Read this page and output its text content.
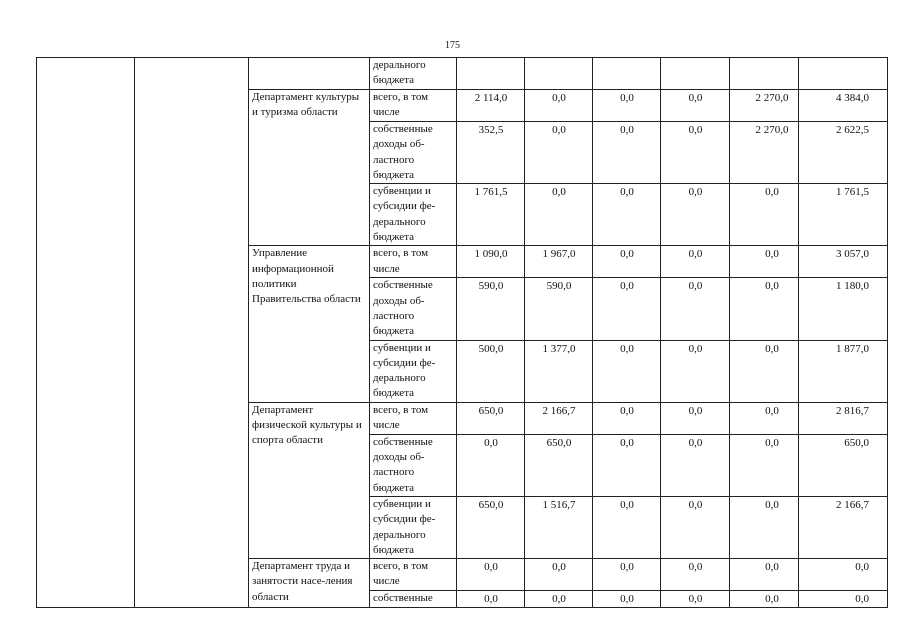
175
			дерального бюджета						
		Департамент культуры и туризма области	всего, в том числе	2 114,0	0,0	0,0	0,0	2 270,0	4 384,0
			собственные доходы об-ластного бюджета	352,5	0,0	0,0	0,0	2 270,0	2 622,5
			субвенции и субсидии фе-дерального бюджета	1 761,5	0,0	0,0	0,0	0,0	1 761,5
		Управление информационной политики Правительства области	всего, в том числе	1 090,0	1 967,0	0,0	0,0	0,0	3 057,0
			собственные доходы об-ластного бюджета	590,0	590,0	0,0	0,0	0,0	1 180,0
			субвенции и субсидии фе-дерального бюджета	500,0	1 377,0	0,0	0,0	0,0	1 877,0
		Департамент физической культуры и спорта области	всего, в том числе	650,0	2 166,7	0,0	0,0	0,0	2 816,7
			собственные доходы об-ластного бюджета	0,0	650,0	0,0	0,0	0,0	650,0
			субвенции и субсидии фе-дерального бюджета	650,0	1 516,7	0,0	0,0	0,0	2 166,7
		Департамент труда и занятости насе-ления области	всего, в том числе	0,0	0,0	0,0	0,0	0,0	0,0
			собственные	0,0	0,0	0,0	0,0	0,0	0,0
